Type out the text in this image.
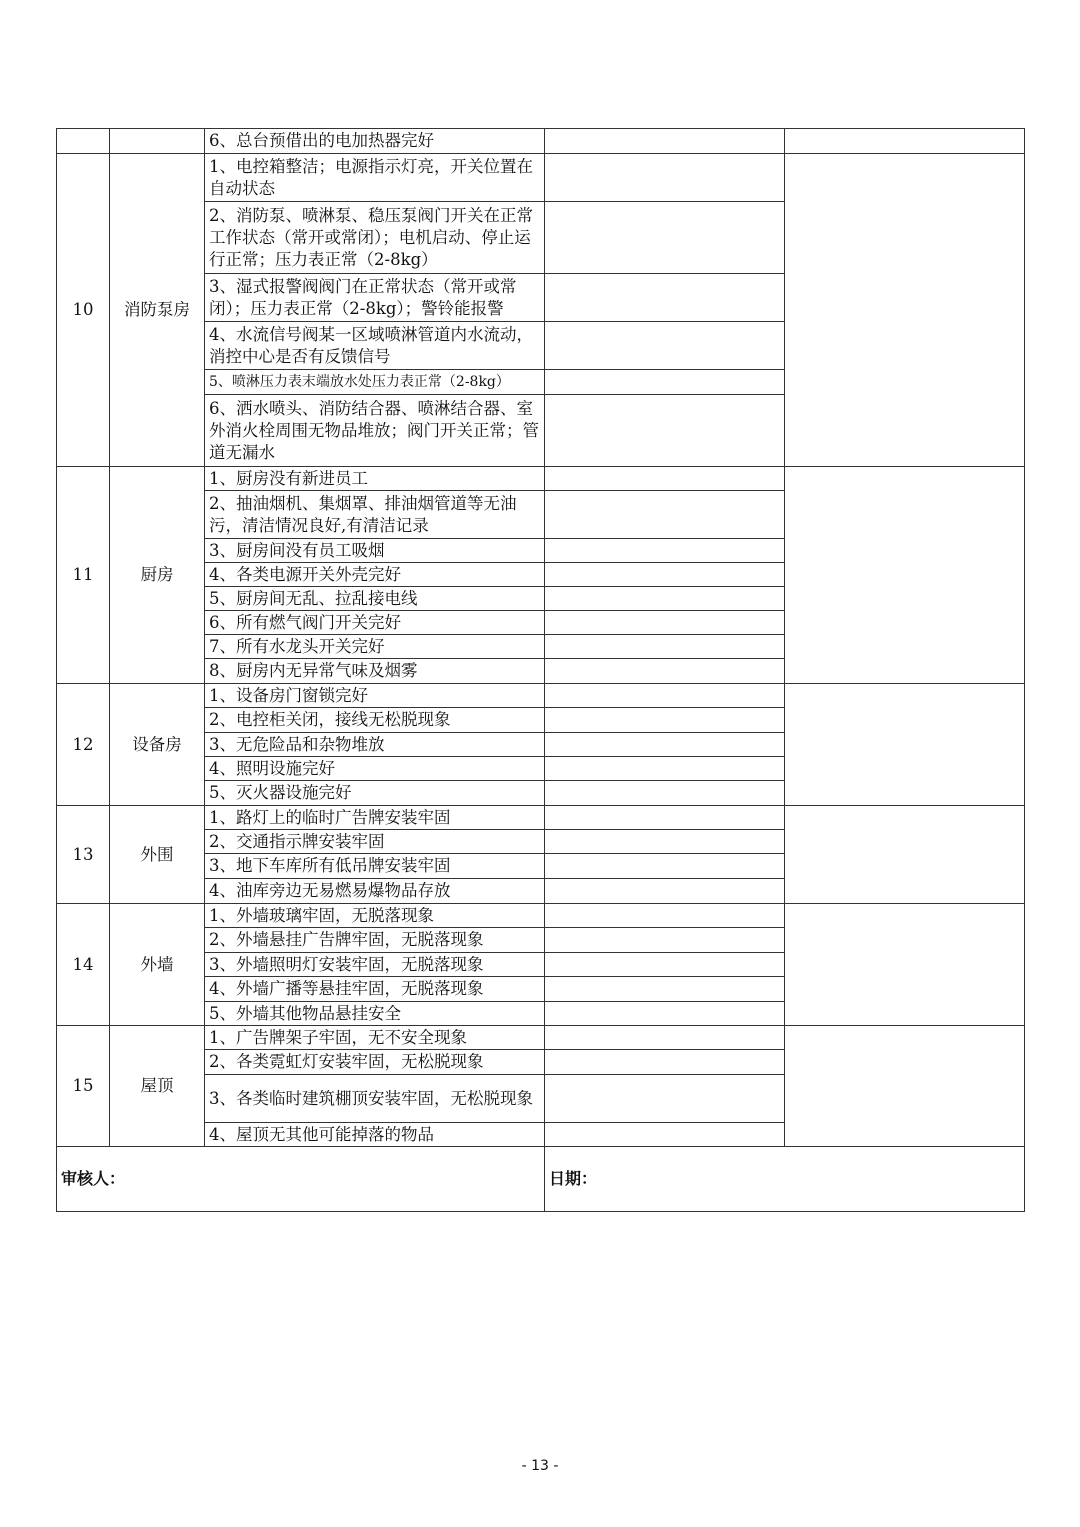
		6、总台预借出的电加热器完好		
10	消防泵房	1、电控箱整洁；电源指示灯亮，开关位置在自动状态		
		2、消防泵、喷淋泵、稳压泵阀门开关在正常工作状态（常开或常闭）；电机启动、停止运行正常；压力表正常（2-8kg）		
		3、湿式报警阀阀门在正常状态（常开或常闭）；压力表正常（2-8kg）；警铃能报警		
		4、水流信号阀某一区域喷淋管道内水流动，消控中心是否有反馈信号		
		5、喷淋压力表末端放水处压力表正常（2-8kg）		
		6、洒水喷头、消防结合器、喷淋结合器、室外消火栓周围无物品堆放；阀门开关正常；管道无漏水		
11	厨房	1、厨房没有新进员工		
		2、抽油烟机、集烟罩、排油烟管道等无油污，清洁情况良好,有清洁记录		
		3、厨房间没有员工吸烟		
		4、各类电源开关外壳完好		
		5、厨房间无乱、拉乱接电线		
		6、所有燃气阀门开关完好		
		7、所有水龙头开关完好		
		8、厨房内无异常气味及烟雾		
12	设备房	1、设备房门窗锁完好		
		2、电控柜关闭，接线无松脱现象		
		3、无危险品和杂物堆放		
		4、照明设施完好		
		5、灭火器设施完好		
13	外围	1、路灯上的临时广告牌安装牢固		
		2、交通指示牌安装牢固		
		3、地下车库所有低吊牌安装牢固		
		4、油库旁边无易燃易爆物品存放		
14	外墙	1、外墙玻璃牢固，无脱落现象		
		2、外墙悬挂广告牌牢固，无脱落现象		
		3、外墙照明灯安装牢固，无脱落现象		
		4、外墙广播等悬挂牢固，无脱落现象		
		5、外墙其他物品悬挂安全		
15	屋顶	1、广告牌架子牢固，无不安全现象		
		2、各类霓虹灯安装牢固，无松脱现象		
		3、各类临时建筑棚顶安装牢固，无松脱现象		
		4、屋顶无其他可能掉落的物品		
审核人：			日期：	
- 13 -
